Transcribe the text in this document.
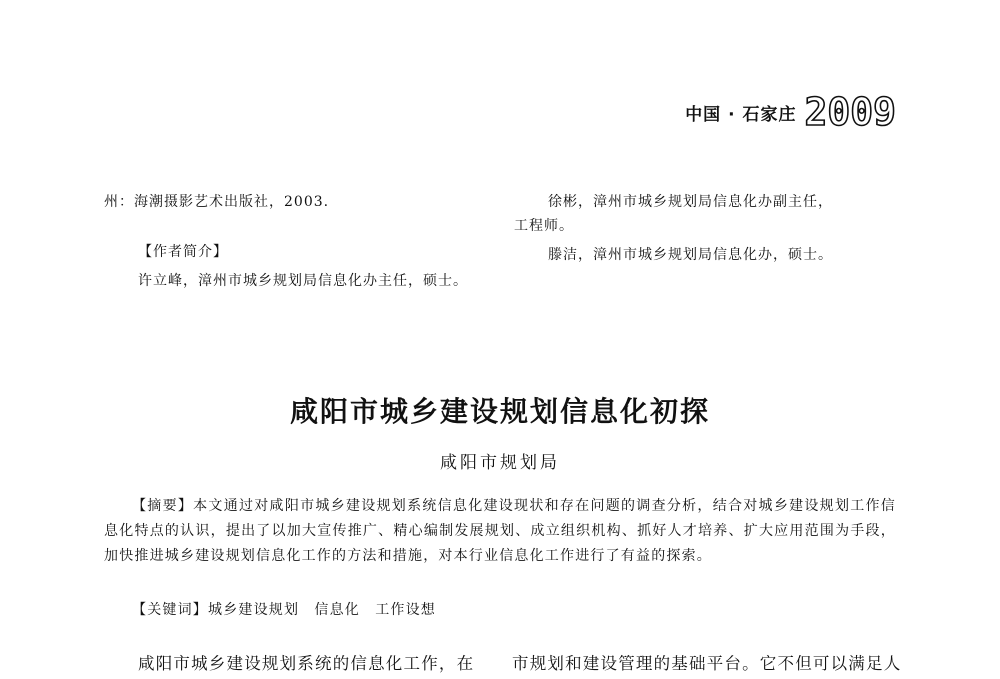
中国 · 石家庄 2009
州：海潮摄影艺术出版社，2003.
【作者简介】
许立峰，漳州市城乡规划局信息化办主任，硕士。
徐彬，漳州市城乡规划局信息化办副主任，
工程师。
滕洁，漳州市城乡规划局信息化办，硕士。
咸阳市城乡建设规划信息化初探
咸阳市规划局

【摘要】本文通过对咸阳市城乡建设规划系统信息化建设现状和存在问题的调查分析，结合对城乡建设规划工作信息化特点的认识，提出了以加大宣传推广、精心编制发展规划、成立组织机构、抓好人才培养、扩大应用范围为手段，加快推进城乡建设规划信息化工作的方法和措施，对本行业信息化工作进行了有益的探索。

【关键词】城乡建设规划　信息化　工作设想
咸阳市城乡建设规划系统的信息化工作，在 市规划和建设管理的基础平台。它不但可以满足人
